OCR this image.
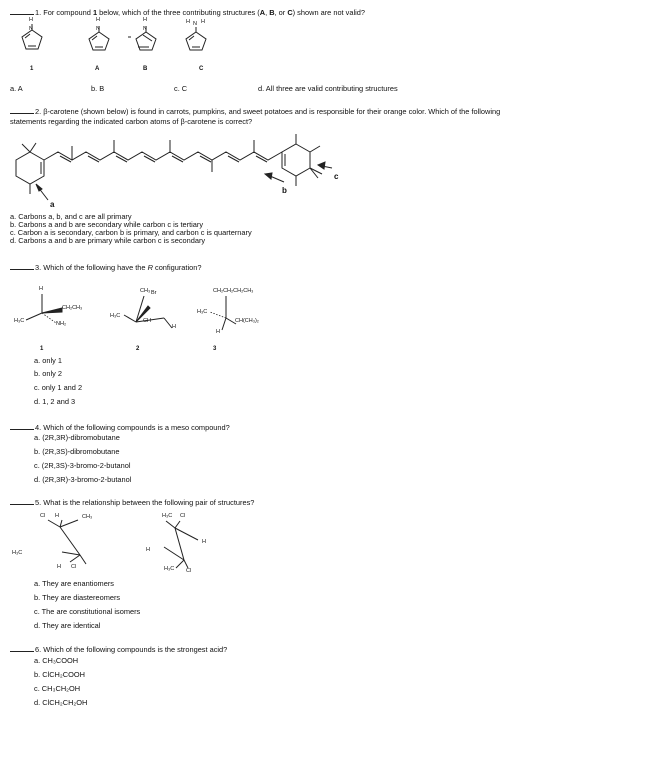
1. For compound 1 below, which of the three contributing structures (A, B, or C) shown are not valid?
H
N
1
H
N
A
H
N
B
H N H
C
a. A	b. B	c. C	d. All three are valid contributing structures
2. β-carotene (shown below) is found in carrots, pumpkins, and sweet potatoes and is responsible for their orange color. Which of the following
statements regarding the indicated carbon atoms of β-carotene is correct?
a
b
c
a. Carbons a, b, and c are all primary
b. Carbons a and b are secondary while carbon c is tertiary
c. Carbon a is secondary, carbon b is primary, and carbon c is quarternary
d. Carbons a and b are primary while carbon c is secondary
3. Which of the following have the R configuration?
H
CH₂CH₃
NH₂
H₃C
1
CH₃ Br
H₃C
CH
H
2
CH₂CH₂CH₂CH₃
H₃C
CH(CH₃)₂
H
3
a. only 1
b. only 2
c. only 1 and 2
d. 1, 2 and 3
4. Which of the following compounds is a meso compound?
a. (2R,3R)-dibromobutane
b. (2R,3S)-dibromobutane
c. (2R,3S)-3-bromo-2-butanol
d. (2R,3R)-3-bromo-2-butanol
5. What is the relationship between the following pair of structures?
Cl H	CH₃
H₃C
H Cl
H₃C Cl
H
H
H₃C Cl
a. They are enantiomers
b. They are diastereomers
c. The are constitutional isomers
d. They are identical
6. Which of the following compounds is the strongest acid?
a. CH₃COOH
b. ClCH₂COOH
c. CH₃CH₂OH
d. ClCH₂CH₂OH
